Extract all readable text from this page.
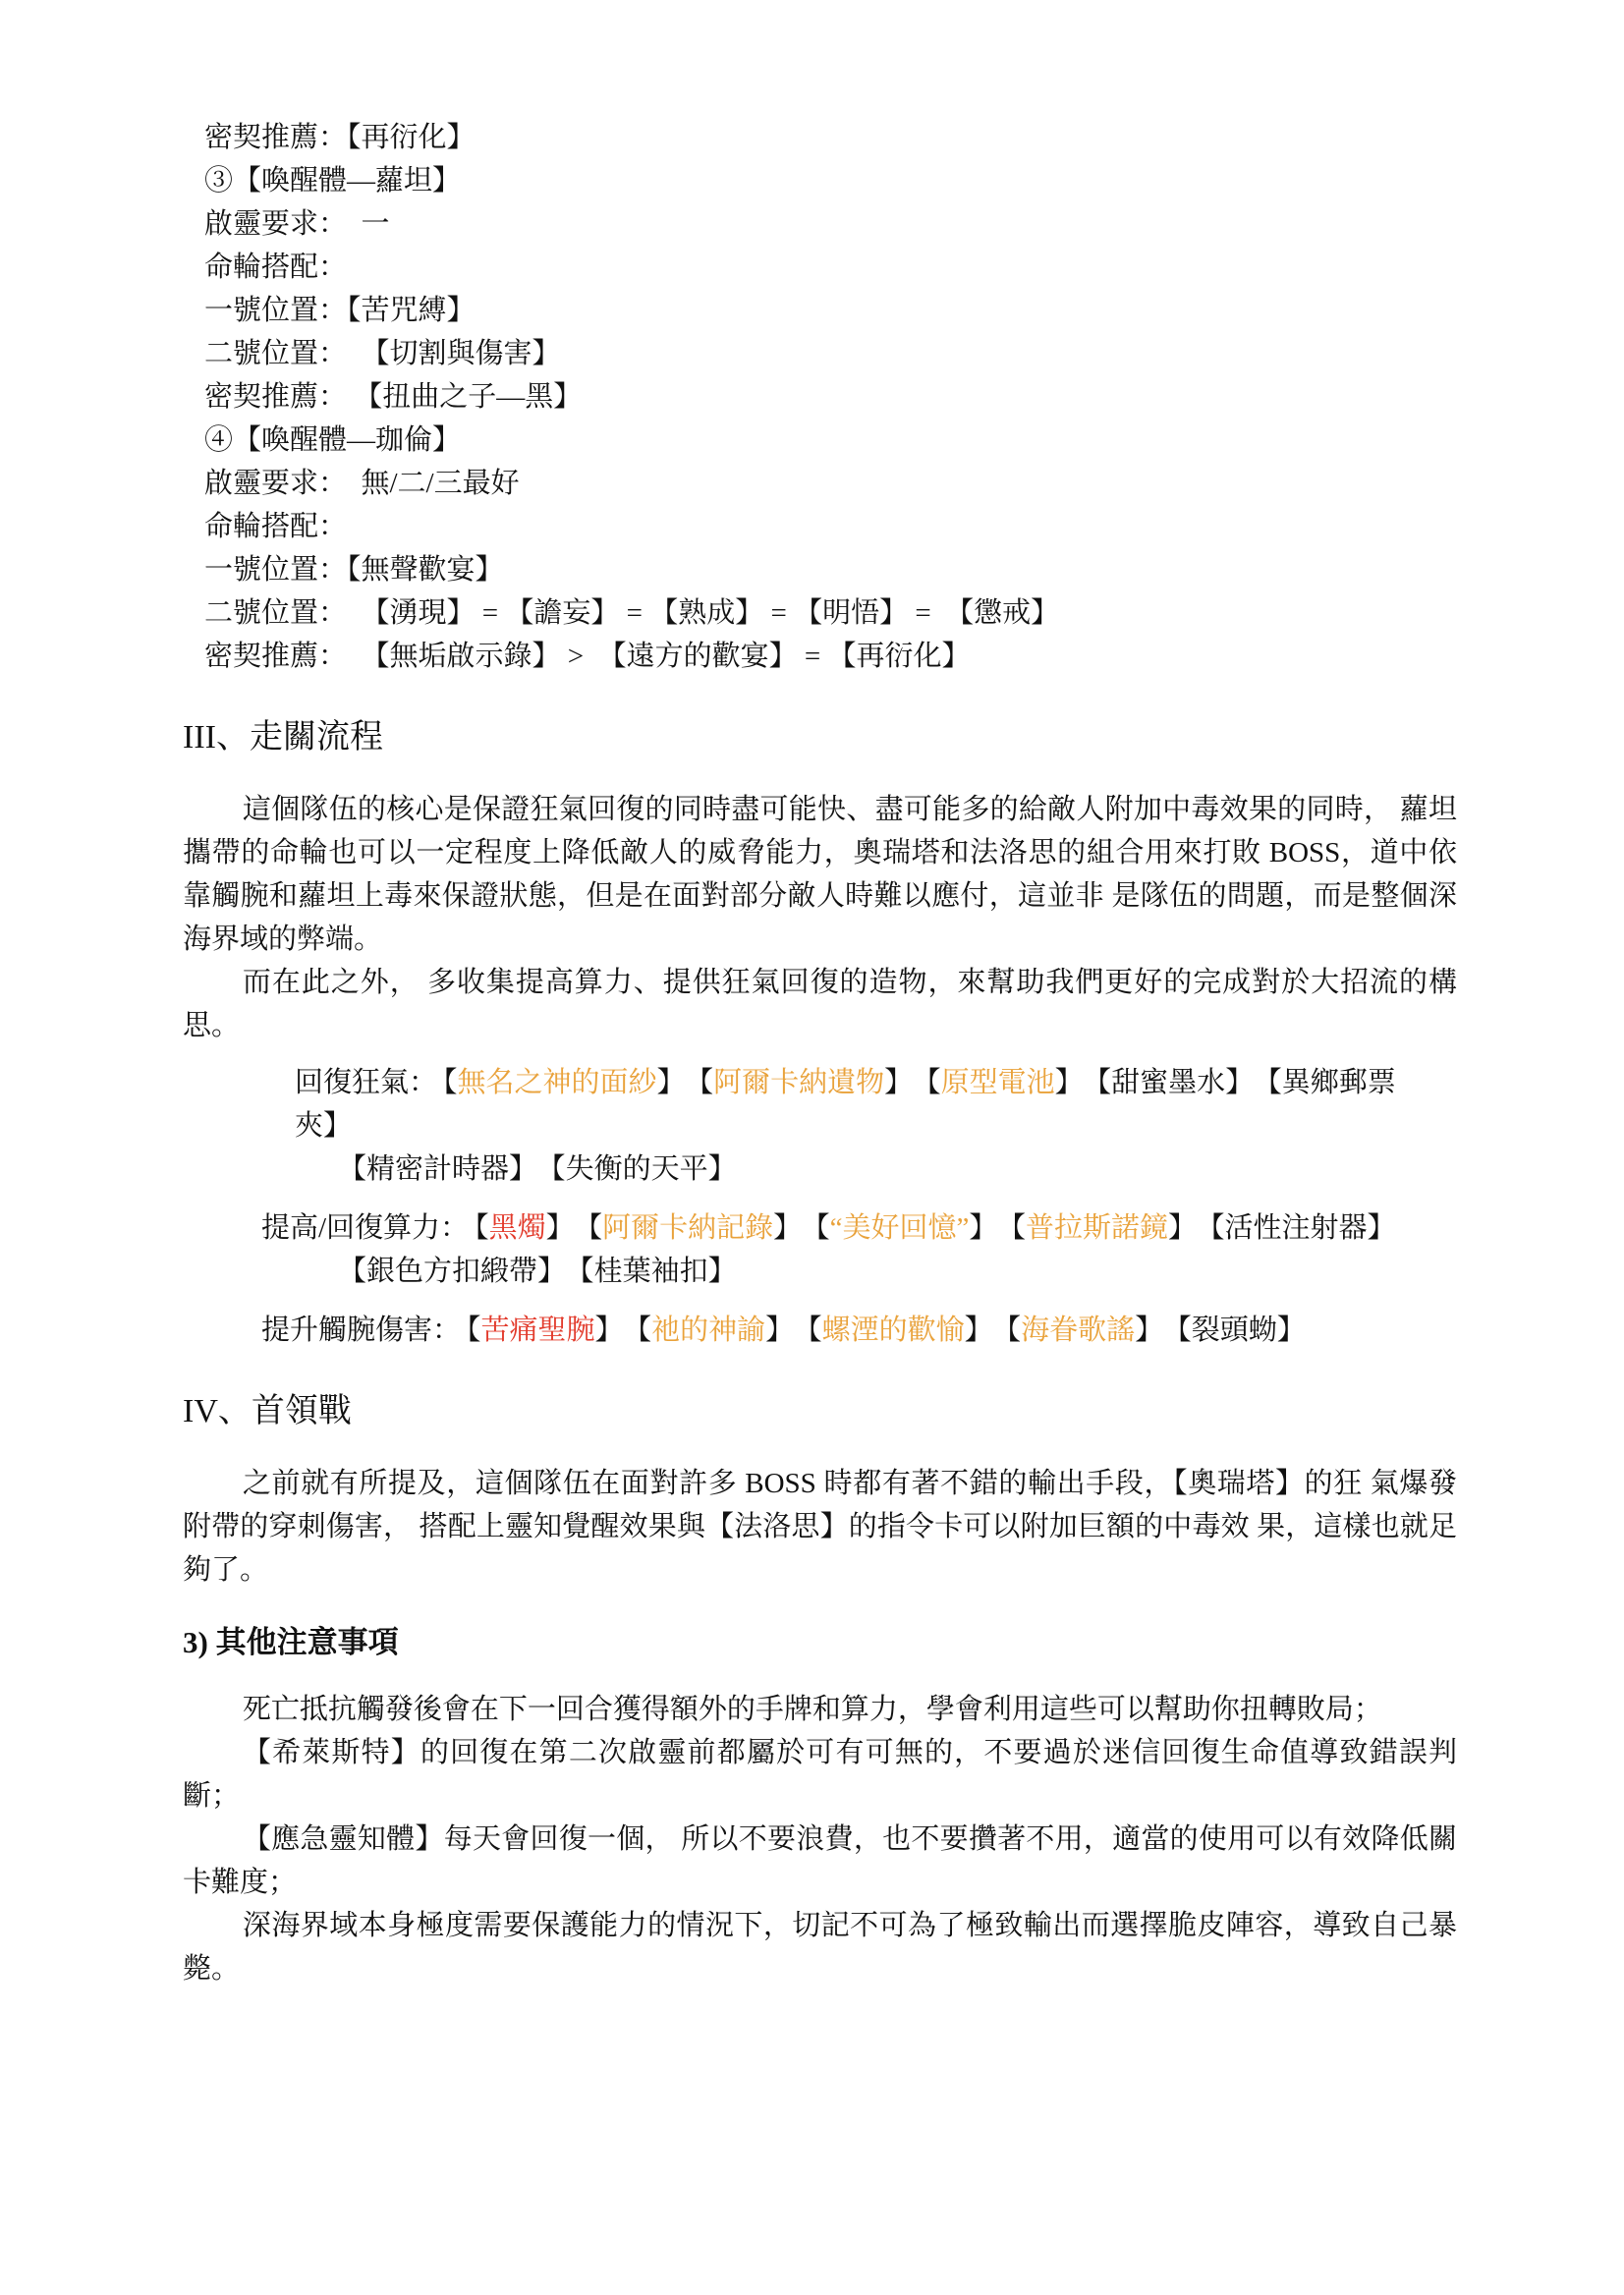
密契推薦：【再衍化】
③【喚醒體—蘿坦】
啟靈要求：  一
命輪搭配：
一號位置：【苦咒縛】
二號位置：  【切割與傷害】
密契推薦： 【扭曲之子—黑】
④【喚醒體—珈倫】
啟靈要求：  無/二/三最好
命輪搭配：
一號位置：【無聲歡宴】
二號位置：  【湧現】 = 【譫妄】 = 【熟成】 = 【明悟】 =  【懲戒】
密契推薦：  【無垢啟示錄】 >  【遠方的歡宴】 = 【再衍化】
III、走關流程

這個隊伍的核心是保證狂氣回復的同時盡可能快、盡可能多的給敵人附加中毒效果的同時， 蘿坦攜帶的命輪也可以一定程度上降低敵人的威脅能力，奧瑞塔和法洛思的組合用來打敗 BOSS，道中依靠觸腕和蘿坦上毒來保證狀態，但是在面對部分敵人時難以應付，這並非 是隊伍的問題，而是整個深海界域的弊端。

而在此之外， 多收集提高算力、提供狂氣回復的造物，來幫助我們更好的完成對於大招流的構思。

回復狂氣： 【無名之神的面紗】 【阿爾卡納遺物】 【原型電池】 【甜蜜墨水】 【異鄉郵票夾】
【精密計時器】 【失衡的天平】
提高/回復算力： 【黑燭】 【阿爾卡納記錄】 【“美好回憶”】 【普拉斯諾鏡】 【活性注射器】
【銀色方扣緞帶】 【桂葉袖扣】
提升觸腕傷害： 【苦痛聖腕】 【祂的神諭】 【螺湮的歡愉】 【海眷歌謠】 【裂頭蚴】
IV、首領戰

之前就有所提及，這個隊伍在面對許多 BOSS 時都有著不錯的輸出手段，【奧瑞塔】的狂 氣爆發附帶的穿刺傷害， 搭配上靈知覺醒效果與【法洛思】的指令卡可以附加巨額的中毒效 果，這樣也就足夠了。

3) 其他注意事項

死亡抵抗觸發後會在下一回合獲得額外的手牌和算力，學會利用這些可以幫助你扭轉敗局；

【希萊斯特】的回復在第二次啟靈前都屬於可有可無的，不要過於迷信回復生命值導致錯誤判斷；

【應急靈知體】每天會回復一個， 所以不要浪費，也不要攢著不用，適當的使用可以有效降低關卡難度；

深海界域本身極度需要保護能力的情況下，切記不可為了極致輸出而選擇脆皮陣容，導致自己暴斃。
